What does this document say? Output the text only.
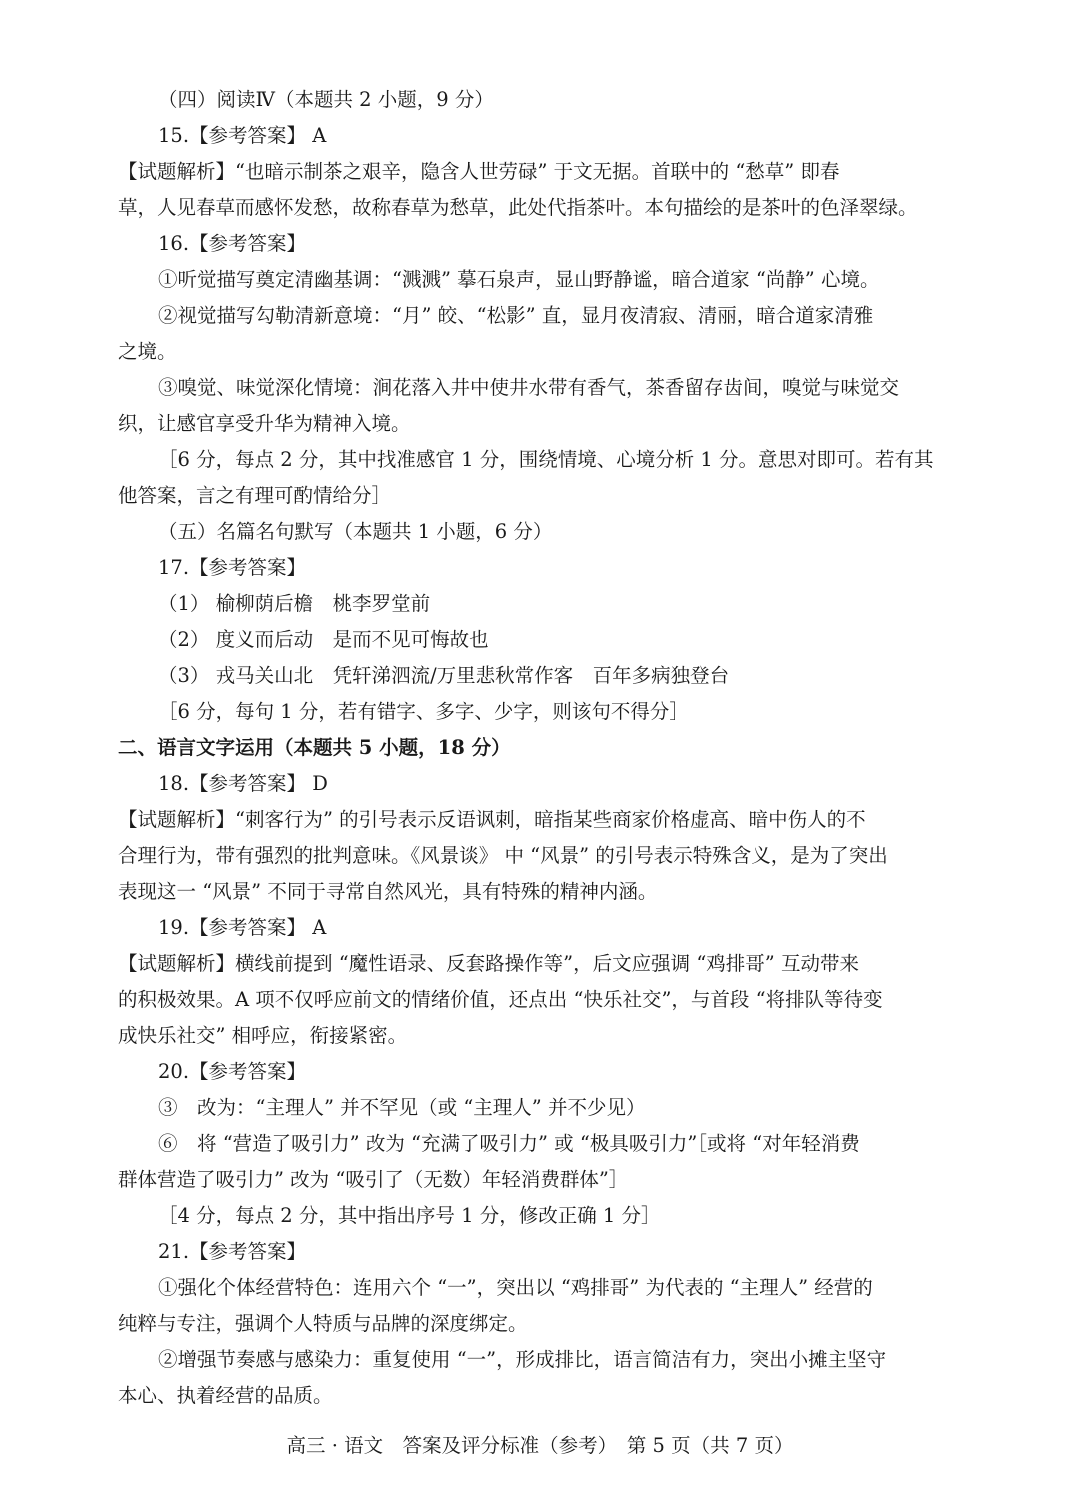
（四）阅读Ⅳ（本题共 2 小题，9 分）
15.【参考答案】 A
【试题解析】“也暗示制茶之艰辛，隐含人世劳碌” 于文无据。首联中的 “愁草” 即春
草，人见春草而感怀发愁，故称春草为愁草，此处代指茶叶。本句描绘的是茶叶的色泽翠绿。
16.【参考答案】
①听觉描写奠定清幽基调：“溅溅” 摹石泉声，显山野静谧，暗合道家 “尚静” 心境。
②视觉描写勾勒清新意境：“月” 皎、“松影” 直，显月夜清寂、清丽，暗合道家清雅
之境。
③嗅觉、味觉深化情境：涧花落入井中使井水带有香气，茶香留存齿间，嗅觉与味觉交
织，让感官享受升华为精神入境。
［6 分，每点 2 分，其中找准感官 1 分，围绕情境、心境分析 1 分。意思对即可。若有其
他答案，言之有理可酌情给分］
（五）名篇名句默写（本题共 1 小题，6 分）
17.【参考答案】
（1） 榆柳荫后檐　桃李罗堂前
（2） 度义而后动　是而不见可悔故也
（3） 戎马关山北　凭轩涕泗流/万里悲秋常作客　百年多病独登台
［6 分，每句 1 分，若有错字、多字、少字，则该句不得分］
二、语言文字运用（本题共 5 小题，18 分）
18.【参考答案】 D
【试题解析】“刺客行为” 的引号表示反语讽刺，暗指某些商家价格虚高、暗中伤人的不
合理行为，带有强烈的批判意味。《风景谈》 中 “风景” 的引号表示特殊含义，是为了突出
表现这一 “风景” 不同于寻常自然风光，具有特殊的精神内涵。
19.【参考答案】 A
【试题解析】横线前提到 “魔性语录、反套路操作等”，后文应强调 “鸡排哥” 互动带来
的积极效果。A 项不仅呼应前文的情绪价值，还点出 “快乐社交”，与首段 “将排队等待变
成快乐社交” 相呼应，衔接紧密。
20.【参考答案】
③　改为：“主理人” 并不罕见（或 “主理人” 并不少见）
⑥　将 “营造了吸引力” 改为 “充满了吸引力” 或 “极具吸引力”［或将 “对年轻消费
群体营造了吸引力” 改为 “吸引了（无数）年轻消费群体”］
［4 分，每点 2 分，其中指出序号 1 分，修改正确 1 分］
21.【参考答案】
①强化个体经营特色：连用六个 “一”，突出以 “鸡排哥” 为代表的 “主理人” 经营的
纯粹与专注，强调个人特质与品牌的深度绑定。
②增强节奏感与感染力：重复使用 “一”，形成排比，语言简洁有力，突出小摊主坚守
本心、执着经营的品质。
高三 · 语文　答案及评分标准（参考）　第 5 页（共 7 页）
